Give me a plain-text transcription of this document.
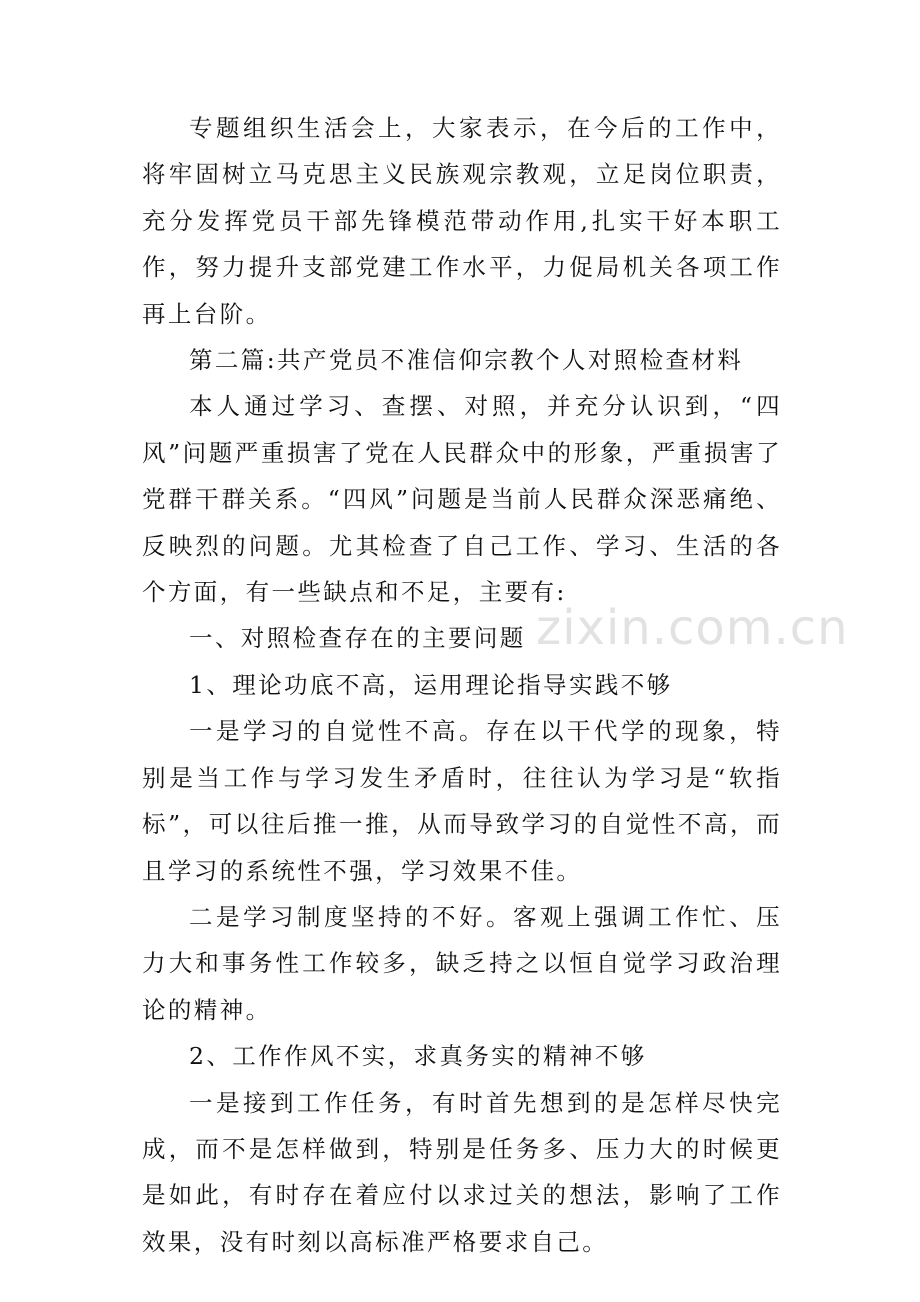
专题组织生活会上，大家表示，在今后的工作中，将牢固树立马克思主义民族观宗教观，立足岗位职责，充分发挥党员干部先锋模范带动作用,扎实干好本职工作，努力提升支部党建工作水平，力促局机关各项工作再上台阶。

第二篇:共产党员不准信仰宗教个人对照检查材料

本人通过学习、查摆、对照，并充分认识到，“四风”问题严重损害了党在人民群众中的形象，严重损害了党群干群关系。“四风”问题是当前人民群众深恶痛绝、反映烈的问题。尤其检查了自己工作、学习、生活的各个方面，有一些缺点和不足，主要有:

一、对照检查存在的主要问题

1、理论功底不高，运用理论指导实践不够

一是学习的自觉性不高。存在以干代学的现象，特别是当工作与学习发生矛盾时，往往认为学习是“软指标”，可以往后推一推，从而导致学习的自觉性不高，而且学习的系统性不强，学习效果不佳。

二是学习制度坚持的不好。客观上强调工作忙、压力大和事务性工作较多，缺乏持之以恒自觉学习政治理论的精神。

2、工作作风不实，求真务实的精神不够

一是接到工作任务，有时首先想到的是怎样尽快完成，而不是怎样做到，特别是任务多、压力大的时候更是如此，有时存在着应付以求过关的想法，影响了工作效果，没有时刻以高标准严格要求自己。

zixin.com.cn
